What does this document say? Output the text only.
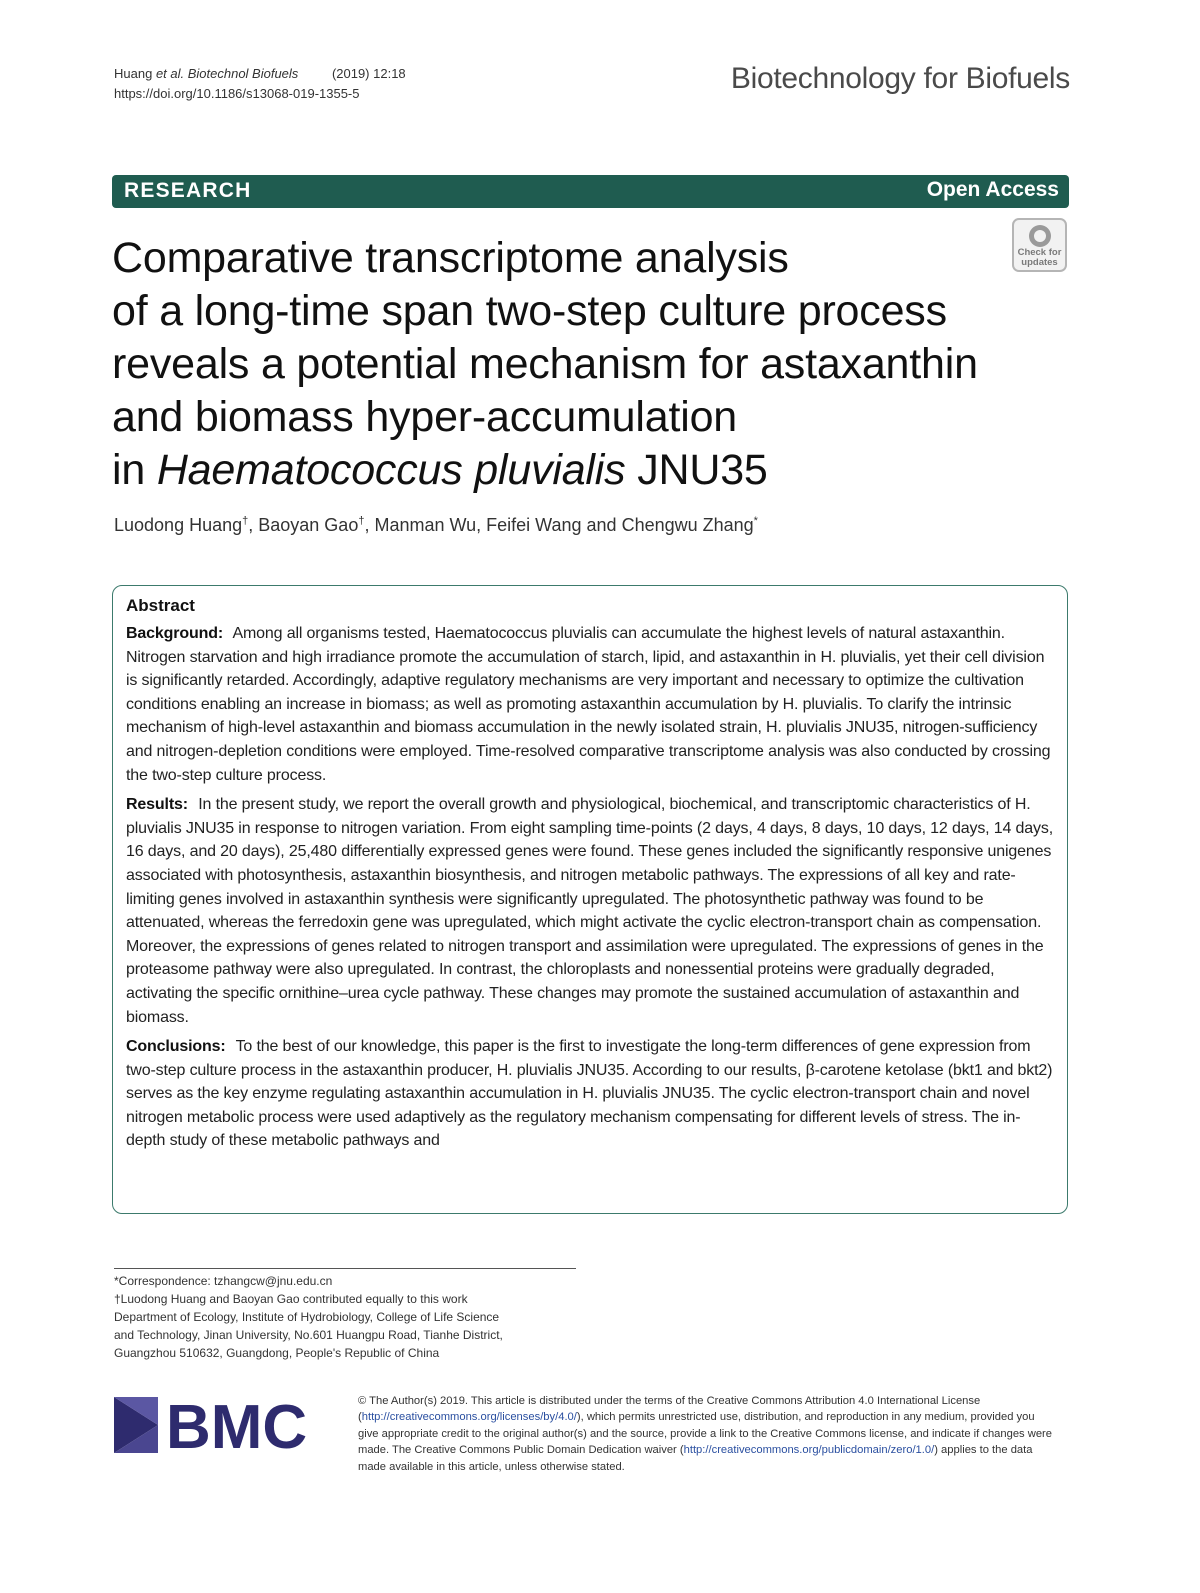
Huang et al. Biotechnol Biofuels	(2019) 12:18
https://doi.org/10.1186/s13068-019-1355-5	Biotechnology for Biofuels
RESEARCH	Open Access
Check for
updates
Comparative transcriptome analysis
of a long-time span two-step culture process
reveals a potential mechanism for astaxanthin
and biomass hyper-accumulation
in Haematococcus pluvialis JNU35
Luodong Huang†, Baoyan Gao†, Manman Wu, Feifei Wang and Chengwu Zhang*
Abstract

Background: Among all organisms tested, Haematococcus pluvialis can accumulate the highest levels of natural astaxanthin. Nitrogen starvation and high irradiance promote the accumulation of starch, lipid, and astaxanthin in H. pluvialis, yet their cell division is significantly retarded. Accordingly, adaptive regulatory mechanisms are very important and necessary to optimize the cultivation conditions enabling an increase in biomass; as well as promoting astaxanthin accumulation by H. pluvialis. To clarify the intrinsic mechanism of high-level astaxanthin and biomass accumulation in the newly isolated strain, H. pluvialis JNU35, nitrogen-sufficiency and nitrogen-depletion conditions were employed. Time-resolved comparative transcriptome analysis was also conducted by crossing the two-step culture process.

Results: In the present study, we report the overall growth and physiological, biochemical, and transcriptomic characteristics of H. pluvialis JNU35 in response to nitrogen variation. From eight sampling time-points (2 days, 4 days, 8 days, 10 days, 12 days, 14 days, 16 days, and 20 days), 25,480 differentially expressed genes were found. These genes included the significantly responsive unigenes associated with photosynthesis, astaxanthin biosynthesis, and nitrogen metabolic pathways. The expressions of all key and rate-limiting genes involved in astaxanthin synthesis were significantly upregulated. The photosynthetic pathway was found to be attenuated, whereas the ferredoxin gene was upregulated, which might activate the cyclic electron-transport chain as compensation. Moreover, the expressions of genes related to nitrogen transport and assimilation were upregulated. The expressions of genes in the proteasome pathway were also upregulated. In contrast, the chloroplasts and nonessential proteins were gradually degraded, activating the specific ornithine–urea cycle pathway. These changes may promote the sustained accumulation of astaxanthin and biomass.

Conclusions: To the best of our knowledge, this paper is the first to investigate the long-term differences of gene expression from two-step culture process in the astaxanthin producer, H. pluvialis JNU35. According to our results, β-carotene ketolase (bkt1 and bkt2) serves as the key enzyme regulating astaxanthin accumulation in H. pluvialis JNU35. The cyclic electron-transport chain and novel nitrogen metabolic process were used adaptively as the regulatory mechanism compensating for different levels of stress. The in-depth study of these metabolic pathways and

*Correspondence: tzhangcw@jnu.edu.cn

†Luodong Huang and Baoyan Gao contributed equally to this work

Department of Ecology, Institute of Hydrobiology, College of Life Science

and Technology, Jinan University, No.601 Huangpu Road, Tianhe District,

Guangzhou 510632, Guangdong, People's Republic of China

BMC	© The Author(s) 2019. This article is distributed under the terms of the Creative Commons Attribution 4.0 International License (http://creativecommons.org/licenses/by/4.0/), which permits unrestricted use, distribution, and reproduction in any medium, provided you give appropriate credit to the original author(s) and the source, provide a link to the Creative Commons license, and indicate if changes were made. The Creative Commons Public Domain Dedication waiver (http://creativecommons.org/publicdomain/zero/1.0/) applies to the data made available in this article, unless otherwise stated.
